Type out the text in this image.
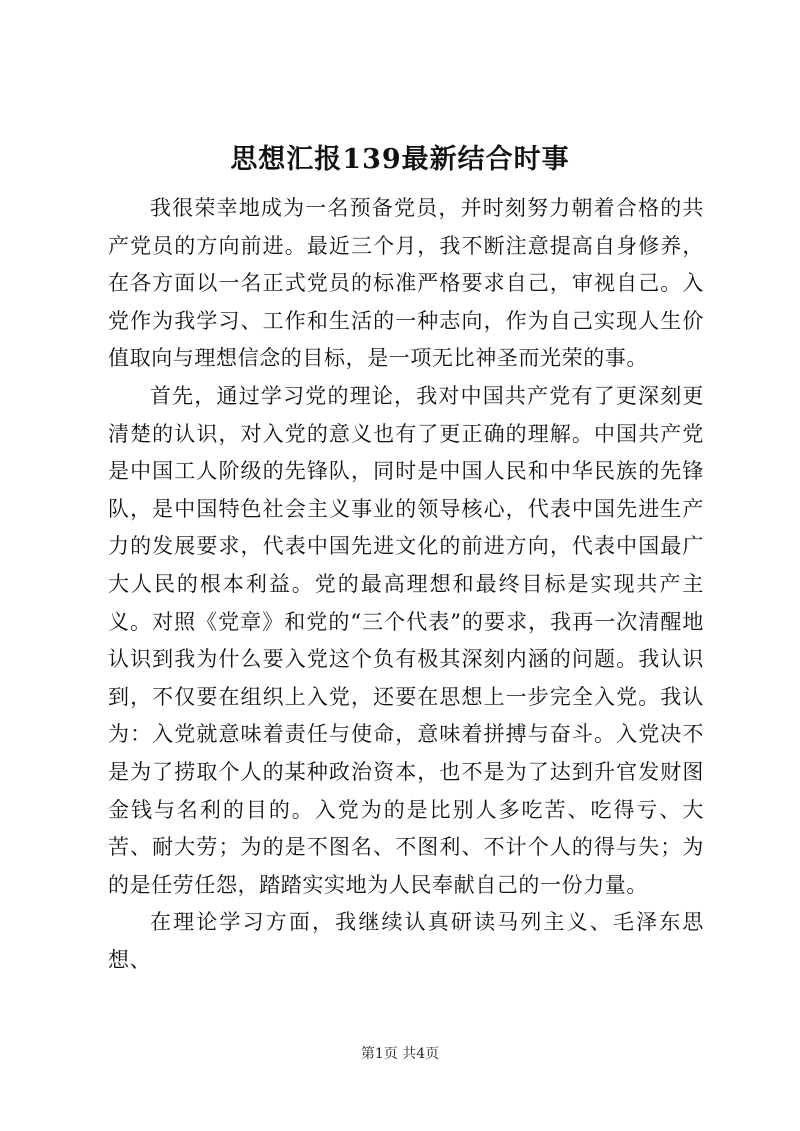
思想汇报139最新结合时事

我很荣幸地成为一名预备党员，并时刻努力朝着合格的共产党员的方向前进。最近三个月，我不断注意提高自身修养，在各方面以一名正式党员的标准严格要求自己，审视自己。入党作为我学习、工作和生活的一种志向，作为自己实现人生价值取向与理想信念的目标，是一项无比神圣而光荣的事。

首先，通过学习党的理论，我对中国共产党有了更深刻更清楚的认识，对入党的意义也有了更正确的理解。中国共产党是中国工人阶级的先锋队，同时是中国人民和中华民族的先锋队，是中国特色社会主义事业的领导核心，代表中国先进生产力的发展要求，代表中国先进文化的前进方向，代表中国最广大人民的根本利益。党的最高理想和最终目标是实现共产主义。对照《党章》和党的“三个代表”的要求，我再一次清醒地认识到我为什么要入党这个负有极其深刻内涵的问题。我认识到，不仅要在组织上入党，还要在思想上一步完全入党。我认为：入党就意味着责任与使命，意味着拼搏与奋斗。入党决不是为了捞取个人的某种政治资本，也不是为了达到升官发财图金钱与名利的目的。入党为的是比别人多吃苦、吃得亏、大苦、耐大劳；为的是不图名、不图利、不计个人的得与失；为的是任劳任怨，踏踏实实地为人民奉献自己的一份力量。

在理论学习方面，我继续认真研读马列主义、毛泽东思想、

第1页 共4页
